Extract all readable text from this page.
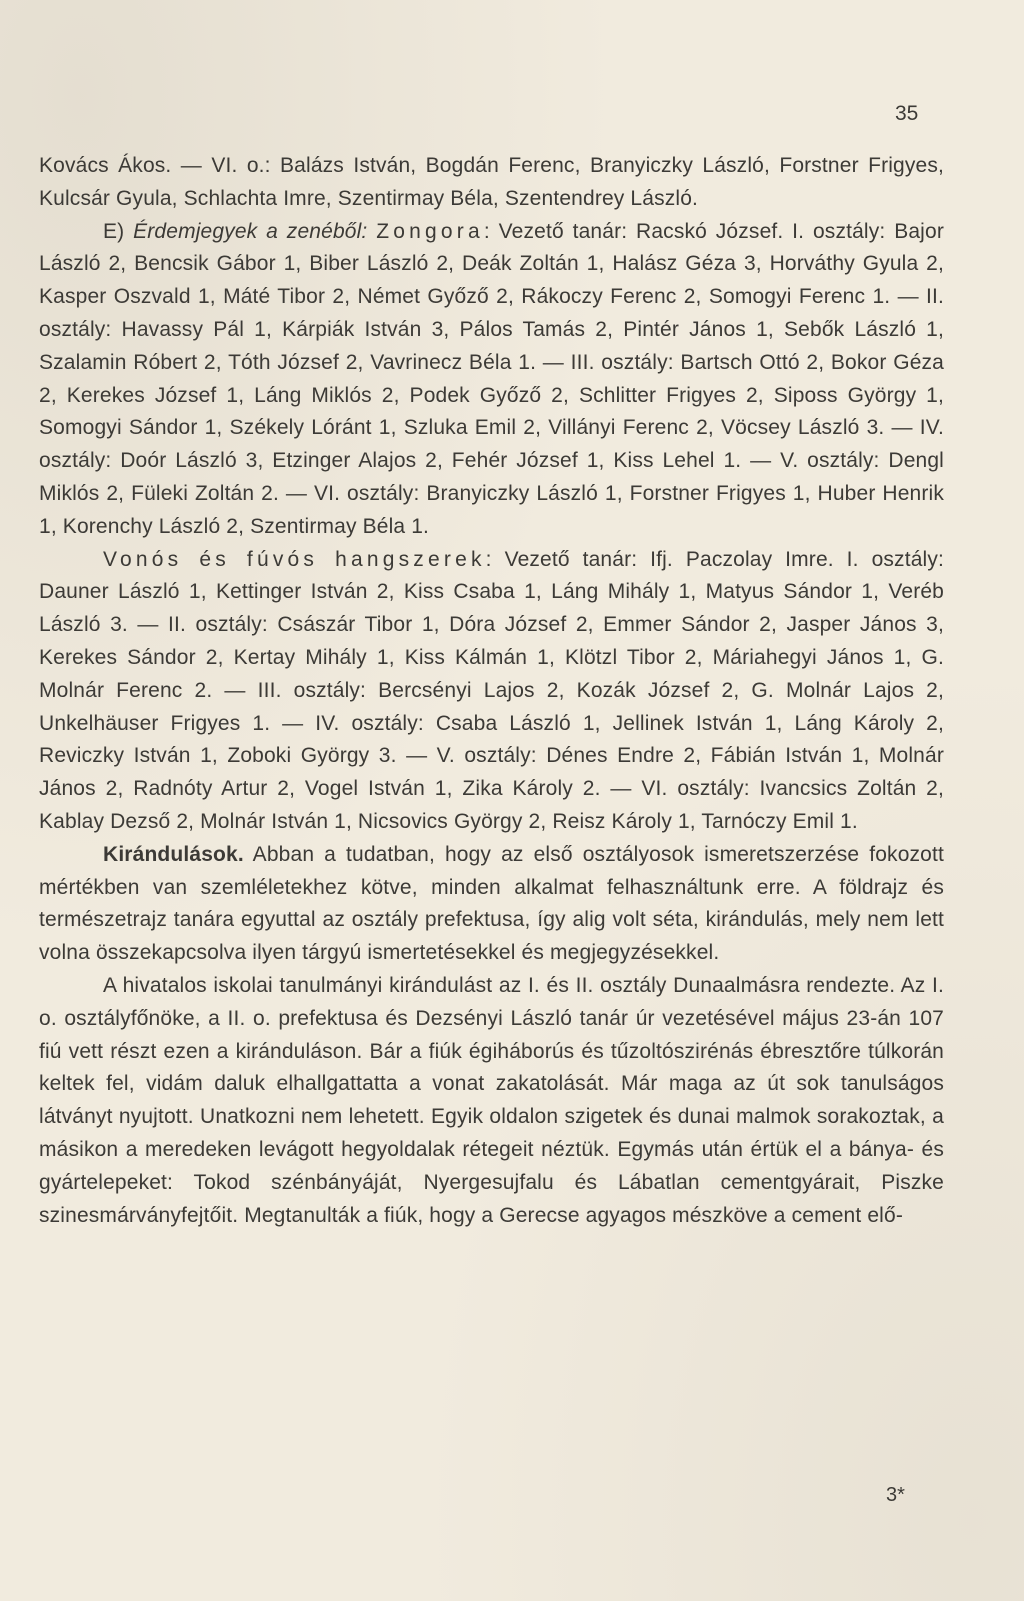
35

Kovács Ákos. — VI. o.: Balázs István, Bogdán Ferenc, Branyiczky László, Forstner Frigyes, Kulcsár Gyula, Schlachta Imre, Szentirmay Béla, Szentendrey László.

E) Érdemjegyek a zenéből: Zongora: Vezető tanár: Racskó József. I. osztály: Bajor László 2, Bencsik Gábor 1, Biber László 2, Deák Zoltán 1, Halász Géza 3, Horváthy Gyula 2, Kasper Oszvald 1, Máté Tibor 2, Német Győző 2, Rákoczy Ferenc 2, Somogyi Ferenc 1. — II. osztály: Havassy Pál 1, Kárpiák István 3, Pálos Tamás 2, Pintér János 1, Sebők László 1, Szalamin Róbert 2, Tóth József 2, Vavrinecz Béla 1. — III. osztály: Bartsch Ottó 2, Bokor Géza 2, Kerekes József 1, Láng Miklós 2, Podek Győző 2, Schlitter Frigyes 2, Siposs György 1, Somogyi Sándor 1, Székely Lóránt 1, Szluka Emil 2, Villányi Ferenc 2, Vöcsey László 3. — IV. osztály: Doór László 3, Etzinger Alajos 2, Fehér József 1, Kiss Lehel 1. — V. osztály: Dengl Miklós 2, Füleki Zoltán 2. — VI. osztály: Branyiczky László 1, Forstner Frigyes 1, Huber Henrik 1, Korenchy László 2, Szentirmay Béla 1.

Vonós és fúvós hangszerek: Vezető tanár: Ifj. Paczolay Imre. I. osztály: Dauner László 1, Kettinger István 2, Kiss Csaba 1, Láng Mihály 1, Matyus Sándor 1, Veréb László 3. — II. osztály: Császár Tibor 1, Dóra József 2, Emmer Sándor 2, Jasper János 3, Kerekes Sándor 2, Kertay Mihály 1, Kiss Kálmán 1, Klötzl Tibor 2, Máriahegyi János 1, G. Molnár Ferenc 2. — III. osztály: Bercsényi Lajos 2, Kozák József 2, G. Molnár Lajos 2, Unkelhäuser Frigyes 1. — IV. osztály: Csaba László 1, Jellinek István 1, Láng Károly 2, Reviczky István 1, Zoboki György 3. — V. osztály: Dénes Endre 2, Fábián István 1, Molnár János 2, Radnóty Artur 2, Vogel István 1, Zika Károly 2. — VI. osztály: Ivancsics Zoltán 2, Kablay Dezső 2, Molnár István 1, Nicsovics György 2, Reisz Károly 1, Tarnóczy Emil 1.

Kirándulások. Abban a tudatban, hogy az első osztályosok ismeretszerzése fokozott mértékben van szemléletekhez kötve, minden alkalmat felhasználtunk erre. A földrajz és természetrajz tanára egyuttal az osztály prefektusa, így alig volt séta, kirándulás, mely nem lett volna összekapcsolva ilyen tárgyú ismertetésekkel és megjegyzésekkel.

A hivatalos iskolai tanulmányi kirándulást az I. és II. osztály Dunaalmásra rendezte. Az I. o. osztályfőnöke, a II. o. prefektusa és Dezsényi László tanár úr vezetésével május 23-án 107 fiú vett részt ezen a kiránduláson. Bár a fiúk égiháborús és tűzoltószirénás ébresztőre túlkorán keltek fel, vidám daluk elhallgattatta a vonat zakatolását. Már maga az út sok tanulságos látványt nyujtott. Unatkozni nem lehetett. Egyik oldalon szigetek és dunai malmok sorakoztak, a másikon a meredeken levágott hegyoldalak rétegeit néztük. Egymás után értük el a bánya- és gyártelepeket: Tokod szénbányáját, Nyergesujfalu és Lábatlan cementgyárait, Piszke szinesmárványfejtőit. Megtanulták a fiúk, hogy a Gerecse agyagos mészköve a cement elő-

3*
